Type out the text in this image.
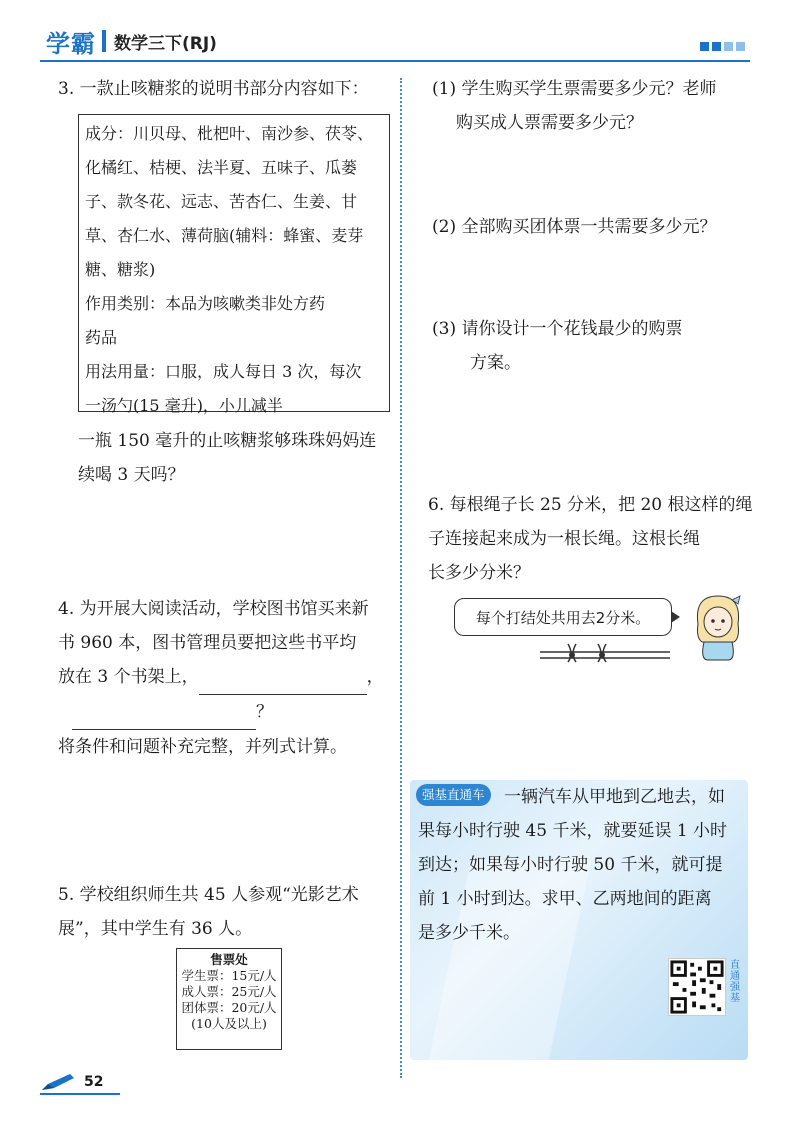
学霸 数学三下(RJ)
3. 一款止咳糖浆的说明书部分内容如下：
成分：川贝母、枇杷叶、南沙参、茯苓、
化橘红、桔梗、法半夏、五味子、瓜蒌
子、款冬花、远志、苦杏仁、生姜、甘
草、杏仁水、薄荷脑(辅料：蜂蜜、麦芽
糖、糖浆)
作用类别：本品为咳嗽类非处方药
药品
用法用量：口服，成人每日 3 次，每次
一汤勺(15 毫升)，小儿减半
一瓶 150 毫升的止咳糖浆够珠珠妈妈连
续喝 3 天吗？
4. 为开展大阅读活动，学校图书馆买来新
书 960 本，图书管理员要把这些书平均
放在 3 个书架上，	，
？
将条件和问题补充完整，并列式计算。
5. 学校组织师生共 45 人参观“光影艺术
展”，其中学生有 36 人。
售票处
学生票：15元/人
成人票：25元/人
团体票：20元/人
(10人及以上)
(1) 学生购买学生票需要多少元？老师
购买成人票需要多少元？
(2) 全部购买团体票一共需要多少元？
(3) 请你设计一个花钱最少的购票
方案。
6. 每根绳子长 25 分米，把 20 根这样的绳
子连接起来成为一根长绳。这根长绳
长多少分米？
每个打结处共用去2分米。
强基直通车	一辆汽车从甲地到乙地去，如
果每小时行驶 45 千米，就要延误 1 小时
到达；如果每小时行驶 50 千米，就可提
前 1 小时到达。求甲、乙两地间的距离
是多少千米。
直通强基
52
